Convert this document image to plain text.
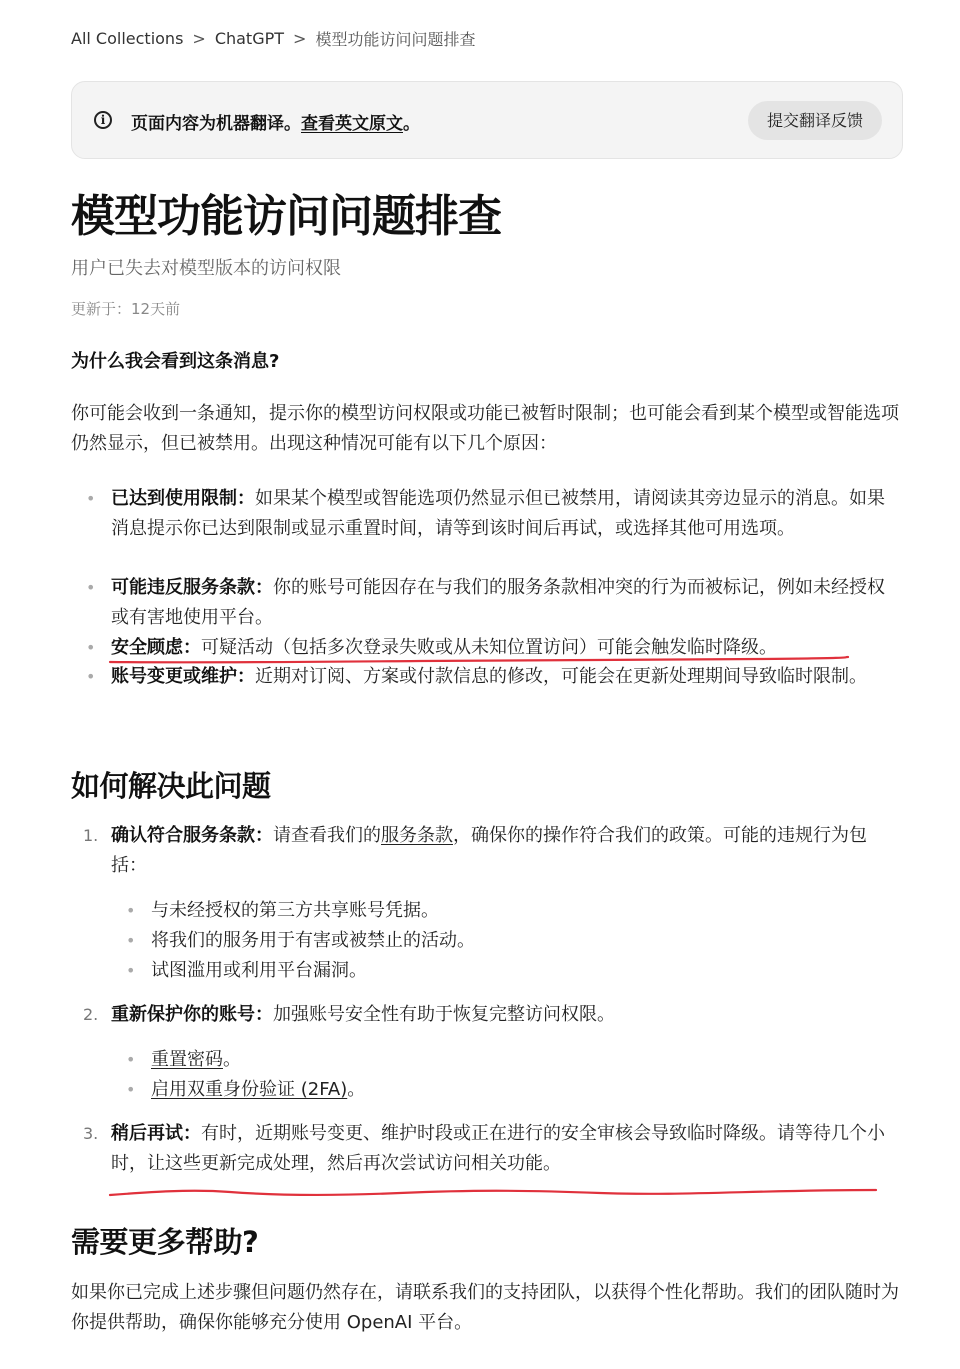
All Collections > ChatGPT > 模型功能访问问题排查
i	页面内容为机器翻译。查看英文原文。	提交翻译反馈
模型功能访问问题排查
用户已失去对模型版本的访问权限
更新于：12天前
为什么我会看到这条消息?
你可能会收到一条通知，提示你的模型访问权限或功能已被暂时限制；也可能会看到某个模型或智能选项仍然显示，但已被禁用。出现这种情况可能有以下几个原因：
• 已达到使用限制：如果某个模型或智能选项仍然显示但已被禁用，请阅读其旁边显示的消息。如果消息提示你已达到限制或显示重置时间，请等到该时间后再试，或选择其他可用选项。
• 可能违反服务条款：你的账号可能因存在与我们的服务条款相冲突的行为而被标记，例如未经授权或有害地使用平台。
• 安全顾虑：可疑活动（包括多次登录失败或从未知位置访问）可能会触发临时降级。
• 账号变更或维护：近期对订阅、方案或付款信息的修改，可能会在更新处理期间导致临时限制。
如何解决此问题
1. 确认符合服务条款：请查看我们的服务条款，确保你的操作符合我们的政策。可能的违规行为包括：
• 与未经授权的第三方共享账号凭据。
• 将我们的服务用于有害或被禁止的活动。
• 试图滥用或利用平台漏洞。
2. 重新保护你的账号：加强账号安全性有助于恢复完整访问权限。
• 重置密码。
• 启用双重身份验证 (2FA)。
3. 稍后再试：有时，近期账号变更、维护时段或正在进行的安全审核会导致临时降级。请等待几个小时，让这些更新完成处理，然后再次尝试访问相关功能。
需要更多帮助?
如果你已完成上述步骤但问题仍然存在，请联系我们的支持团队，以获得个性化帮助。我们的团队随时为你提供帮助，确保你能够充分使用 OpenAI 平台。
